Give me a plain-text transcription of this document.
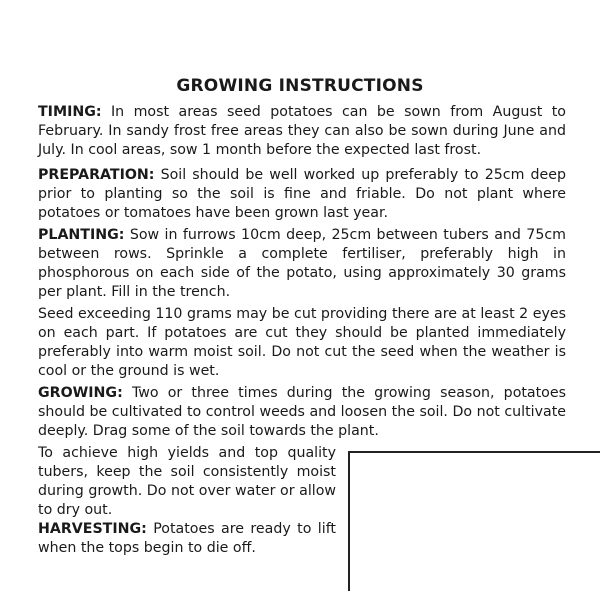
GROWING INSTRUCTIONS

TIMING: In most areas seed potatoes can be sown from August to February. In sandy frost free areas they can also be sown during June and July. In cool areas, sow 1 month before the expected last frost.

PREPARATION: Soil should be well worked up preferably to 25cm deep prior to planting so the soil is fine and friable. Do not plant where potatoes or tomatoes have been grown last year.

PLANTING: Sow in furrows 10cm deep, 25cm between tubers and 75cm between rows. Sprinkle a complete fertiliser, preferably high in phosphorous on each side of the potato, using approximately 30 grams per plant. Fill in the trench.

Seed exceeding 110 grams may be cut providing there are at least 2 eyes on each part. If potatoes are cut they should be planted immediately preferably into warm moist soil. Do not cut the seed when the weather is cool or the ground is wet.

GROWING: Two or three times during the growing season, potatoes should be cultivated to control weeds and loosen the soil. Do not cultivate deeply. Drag some of the soil towards the plant.

To achieve high yields and top quality tubers, keep the soil consistently moist during growth. Do not over water or allow to dry out.

HARVESTING: Potatoes are ready to lift when the tops begin to die off.
